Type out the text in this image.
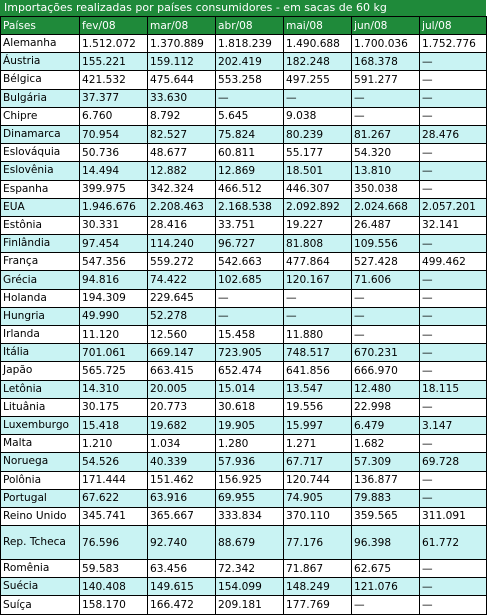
Importações realizadas por países consumidores - em sacas de 60 kg
Países	fev/08	mar/08	abr/08	mai/08	jun/08	jul/08
Alemanha	1.512.072	1.370.889	1.818.239	1.490.688	1.700.036	1.752.776
Áustria	155.221	159.112	202.419	182.248	168.378	—
Bélgica	421.532	475.644	553.258	497.255	591.277	—
Bulgária	37.377	33.630	—	—	—	—
Chipre	6.760	8.792	5.645	9.038	—	—
Dinamarca	70.954	82.527	75.824	80.239	81.267	28.476
Eslováquia	50.736	48.677	60.811	55.177	54.320	—
Eslovênia	14.494	12.882	12.869	18.501	13.810	—
Espanha	399.975	342.324	466.512	446.307	350.038	—
EUA	1.946.676	2.208.463	2.168.538	2.092.892	2.024.668	2.057.201
Estônia	30.331	28.416	33.751	19.227	26.487	32.141
Finlândia	97.454	114.240	96.727	81.808	109.556	—
França	547.356	559.272	542.663	477.864	527.428	499.462
Grécia	94.816	74.422	102.685	120.167	71.606	—
Holanda	194.309	229.645	—	—	—	—
Hungria	49.990	52.278	—	—	—	—
Irlanda	11.120	12.560	15.458	11.880	—	—
Itália	701.061	669.147	723.905	748.517	670.231	—
Japão	565.725	663.415	652.474	641.856	666.970	—
Letônia	14.310	20.005	15.014	13.547	12.480	18.115
Lituânia	30.175	20.773	30.618	19.556	22.998	—
Luxemburgo	15.418	19.682	19.905	15.997	6.479	3.147
Malta	1.210	1.034	1.280	1.271	1.682	—
Noruega	54.526	40.339	57.936	67.717	57.309	69.728
Polônia	171.444	151.462	156.925	120.744	136.877	—
Portugal	67.622	63.916	69.955	74.905	79.883	—
Reino Unido	345.741	365.667	333.834	370.110	359.565	311.091
Rep. Tcheca	76.596	92.740	88.679	77.176	96.398	61.772
Romênia	59.583	63.456	72.342	71.867	62.675	—
Suécia	140.408	149.615	154.099	148.249	121.076	—
Suíça	158.170	166.472	209.181	177.769	—	—
